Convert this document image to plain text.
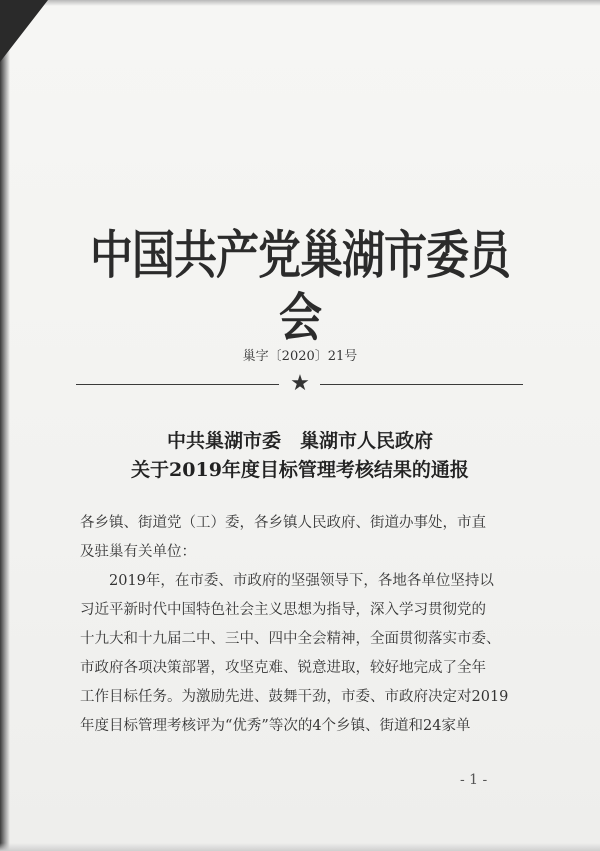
中国共产党巢湖市委员会
巢字〔2020〕21号
★
中共巢湖市委　巢湖市人民政府
关于2019年度目标管理考核结果的通报
各乡镇、街道党（工）委，各乡镇人民政府、街道办事处，市直
及驻巢有关单位：
　　2019年，在市委、市政府的坚强领导下，各地各单位坚持以
习近平新时代中国特色社会主义思想为指导，深入学习贯彻党的
十九大和十九届二中、三中、四中全会精神，全面贯彻落实市委、
市政府各项决策部署，攻坚克难、锐意进取，较好地完成了全年
工作目标任务。为激励先进、鼓舞干劲，市委、市政府决定对2019
年度目标管理考核评为“优秀”等次的4个乡镇、街道和24家单
- 1 -
